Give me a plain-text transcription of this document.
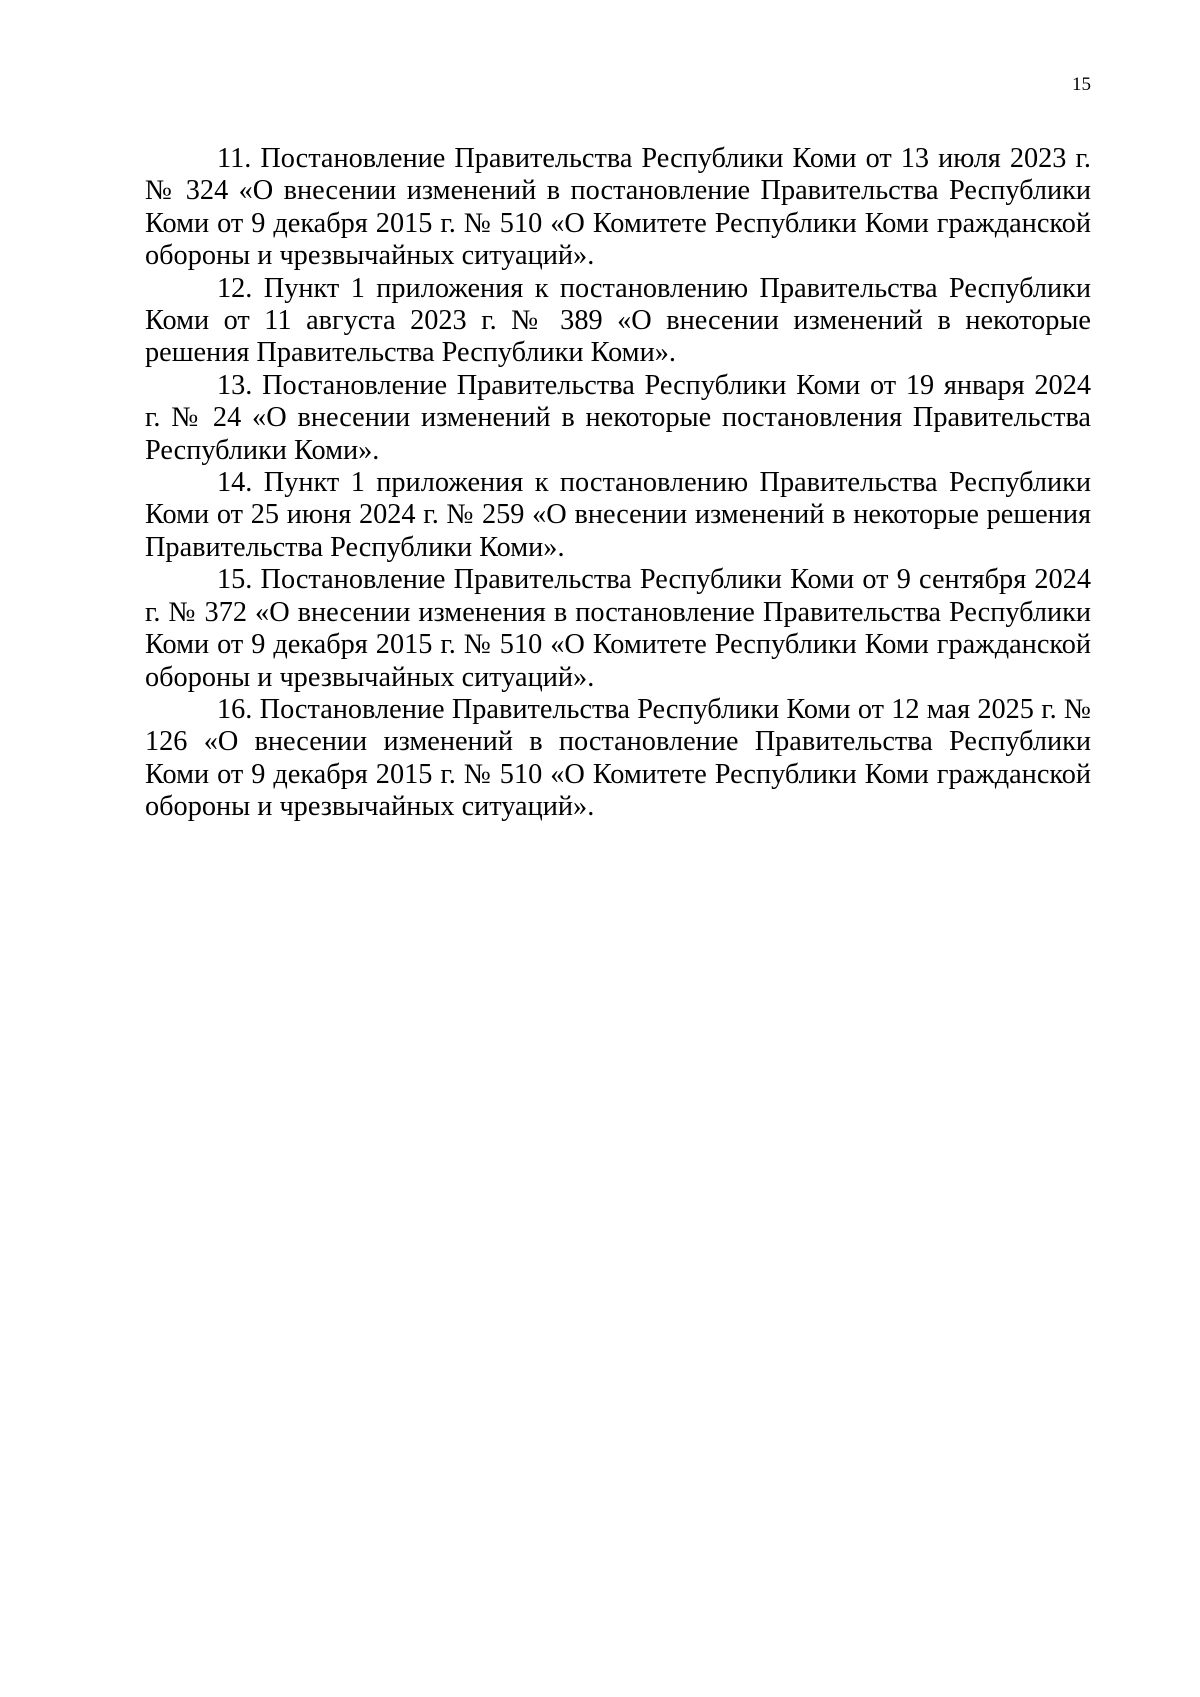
15

11. Постановление Правительства Республики Коми от 13 июля 2023 г. № 324 «О внесении изменений в постановление Правительства Республики Коми от 9 декабря 2015 г. № 510 «О Комитете Республики Коми гражданской обороны и чрезвычайных ситуаций».

12. Пункт 1 приложения к постановлению Правительства Республики Коми от 11 августа 2023 г. № 389 «О внесении изменений в некоторые решения Правительства Республики Коми».

13. Постановление Правительства Республики Коми от 19 января 2024 г. № 24 «О внесении изменений в некоторые постановления Правительства Республики Коми».

14. Пункт 1 приложения к постановлению Правительства Республики Коми от 25 июня 2024 г. № 259 «О внесении изменений в некоторые решения Правительства Республики Коми».

15. Постановление Правительства Республики Коми от 9 сентября 2024 г. № 372 «О внесении изменения в постановление Правительства Республики Коми от 9 декабря 2015 г. № 510 «О Комитете Республики Коми гражданской обороны и чрезвычайных ситуаций».

16. Постановление Правительства Республики Коми от 12 мая 2025 г. № 126 «О внесении изменений в постановление Правительства Республики Коми от 9 декабря 2015 г. № 510 «О Комитете Республики Коми гражданской обороны и чрезвычайных ситуаций».
